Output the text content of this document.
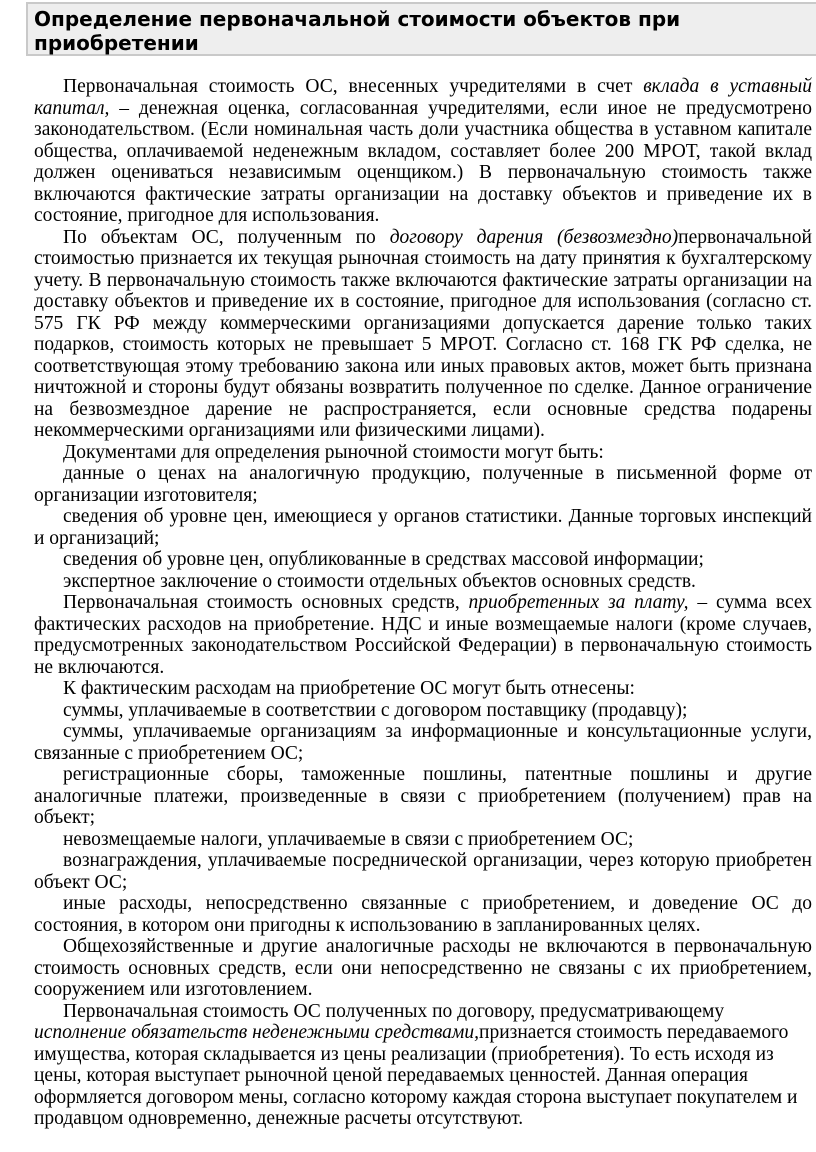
Определение первоначальной стоимости объектов при приобретении

Первоначальная стоимость ОС, внесенных учредителями в счет вклада в уставный капитал, – денежная оценка, согласованная учредителями, если иное не предусмотрено законодательством. (Если номинальная часть доли участника общества в уставном капитале общества, оплачиваемой неденежным вкладом, составляет более 200 МРОТ, такой вклад должен оцениваться независимым оценщиком.) В первоначальную стоимость также включаются фактические затраты организации на доставку объектов и приведение их в состояние, пригодное для использования.

По объектам ОС, полученным по договору дарения (безвозмездно)первоначальной стоимостью признается их текущая рыночная стоимость на дату принятия к бухгалтерскому учету. В первоначальную стоимость также включаются фактические затраты организации на доставку объектов и приведение их в состояние, пригодное для использования (согласно ст. 575 ГК РФ между коммерческими организациями допускается дарение только таких подарков, стоимость которых не превышает 5 МРОТ. Согласно ст. 168 ГК РФ сделка, не соответствующая этому требованию закона или иных правовых актов, может быть признана ничтожной и стороны будут обязаны возвратить полученное по сделке. Данное ограничение на безвозмездное дарение не распространяется, если основные средства подарены некоммерческими организациями или физическими лицами).

Документами для определения рыночной стоимости могут быть:

данные о ценах на аналогичную продукцию, полученные в письменной форме от организации изготовителя;

сведения об уровне цен, имеющиеся у органов статистики. Данные торговых инспекций и организаций;

сведения об уровне цен, опубликованные в средствах массовой информации;

экспертное заключение о стоимости отдельных объектов основных средств.

Первоначальная стоимость основных средств, приобретенных за плату, – сумма всех фактических расходов на приобретение. НДС и иные возмещаемые налоги (кроме случаев, предусмотренных законодательством Российской Федерации) в первоначальную стоимость не включаются.

К фактическим расходам на приобретение ОС могут быть отнесены:

суммы, уплачиваемые в соответствии с договором поставщику (продавцу);

суммы, уплачиваемые организациям за информационные и консультационные услуги, связанные с приобретением ОС;

регистрационные сборы, таможенные пошлины, патентные пошлины и другие аналогичные платежи, произведенные в связи с приобретением (получением) прав на объект;

невозмещаемые налоги, уплачиваемые в связи с приобретением ОС;

вознаграждения, уплачиваемые посреднической организации, через которую приобретен объект ОС;

иные расходы, непосредственно связанные с приобретением, и доведение ОС до состояния, в котором они пригодны к использованию в запланированных целях.

Общехозяйственные и другие аналогичные расходы не включаются в первоначальную стоимость основных средств, если они непосредственно не связаны с их приобретением, сооружением или изготовлением.

Первоначальная стоимость ОС полученных по договору, предусматривающему исполнение обязательств неденежными средствами,признается стоимость передаваемого имущества, которая складывается из цены реализации (приобретения). То есть исходя из цены, которая выступает рыночной ценой передаваемых ценностей. Данная операция оформляется договором мены, согласно которому каждая сторона выступает покупателем и продавцом одновременно, денежные расчеты отсутствуют.
